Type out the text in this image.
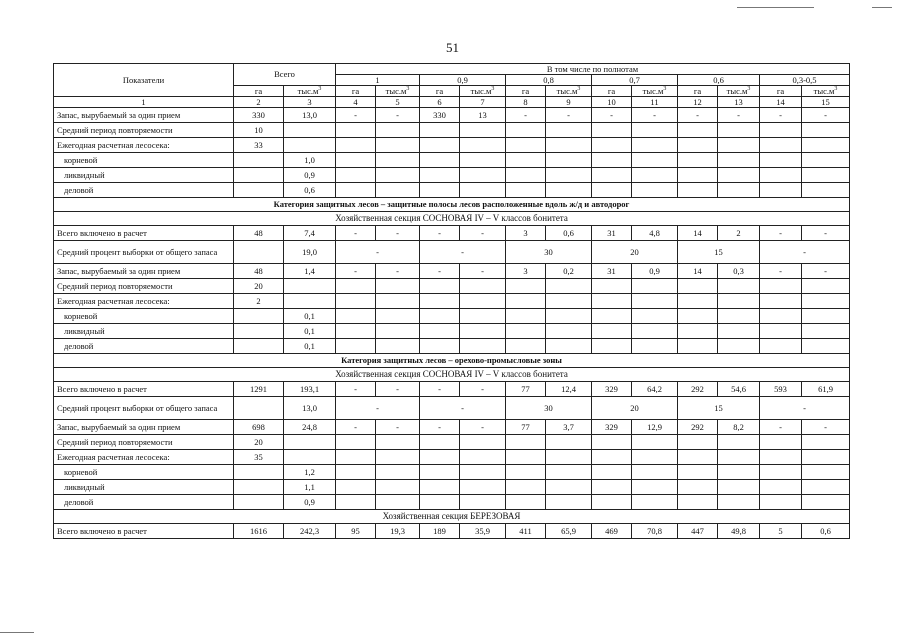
51
Показатели	Всего		В том числе по полнотам											
			1		0,9		0,8		0,7		0,6		0,3-0,5	
	га	$тыс.м^3$	га	$тыс.м^3$	га	$тыс.м^3$	га	$тыс.м^3$	га	$тыс.м^3$	га	$тыс.м^3$	га	$тыс.м^3$
1	2	3	4	5	6	7	8	9	10	11	12	13	14	15
Запас, вырубаемый за один прием	330	13,0	-	-	330	13	-	-	-	-	-	-	-	-
Средний период повторяемости	10													
Ежегодная расчетная лесосека:	33													
корневой		1,0												
ликвидный		0,9												
деловой		0,6												
Категория защитных лесов – защитные полосы лесов расположенные вдоль ж/д и автодорог														
Хозяйственная секция СОСНОВАЯ IV – V классов бонитета														
Всего включено в расчет	48	7,4	-	-	-	-	3	0,6	31	4,8	14	2	-	-
Средний процент выборки от общего запаса		19,0	-		-		30		20		15		-	
Запас, вырубаемый за один прием	48	1,4	-	-	-	-	3	0,2	31	0,9	14	0,3	-	-
Средний период повторяемости	20													
Ежегодная расчетная лесосека:	2													
корневой		0,1												
ликвидный		0,1												
деловой		0,1												
Категория защитных лесов – орехово-промысловые зоны														
Хозяйственная секция СОСНОВАЯ IV – V классов бонитета														
Всего включено в расчет	1291	193,1	-	-	-	-	77	12,4	329	64,2	292	54,6	593	61,9
Средний процент выборки от общего запаса		13,0	-		-		30		20		15		-	
Запас, вырубаемый за один прием	698	24,8	-	-	-	-	77	3,7	329	12,9	292	8,2	-	-
Средний период повторяемости	20													
Ежегодная расчетная лесосека:	35													
корневой		1,2												
ликвидный		1,1												
деловой		0,9												
Хозяйственная секция БЕРЕЗОВАЯ														
Всего включено в расчет	1616	242,3	95	19,3	189	35,9	411	65,9	469	70,8	447	49,8	5	0,6
